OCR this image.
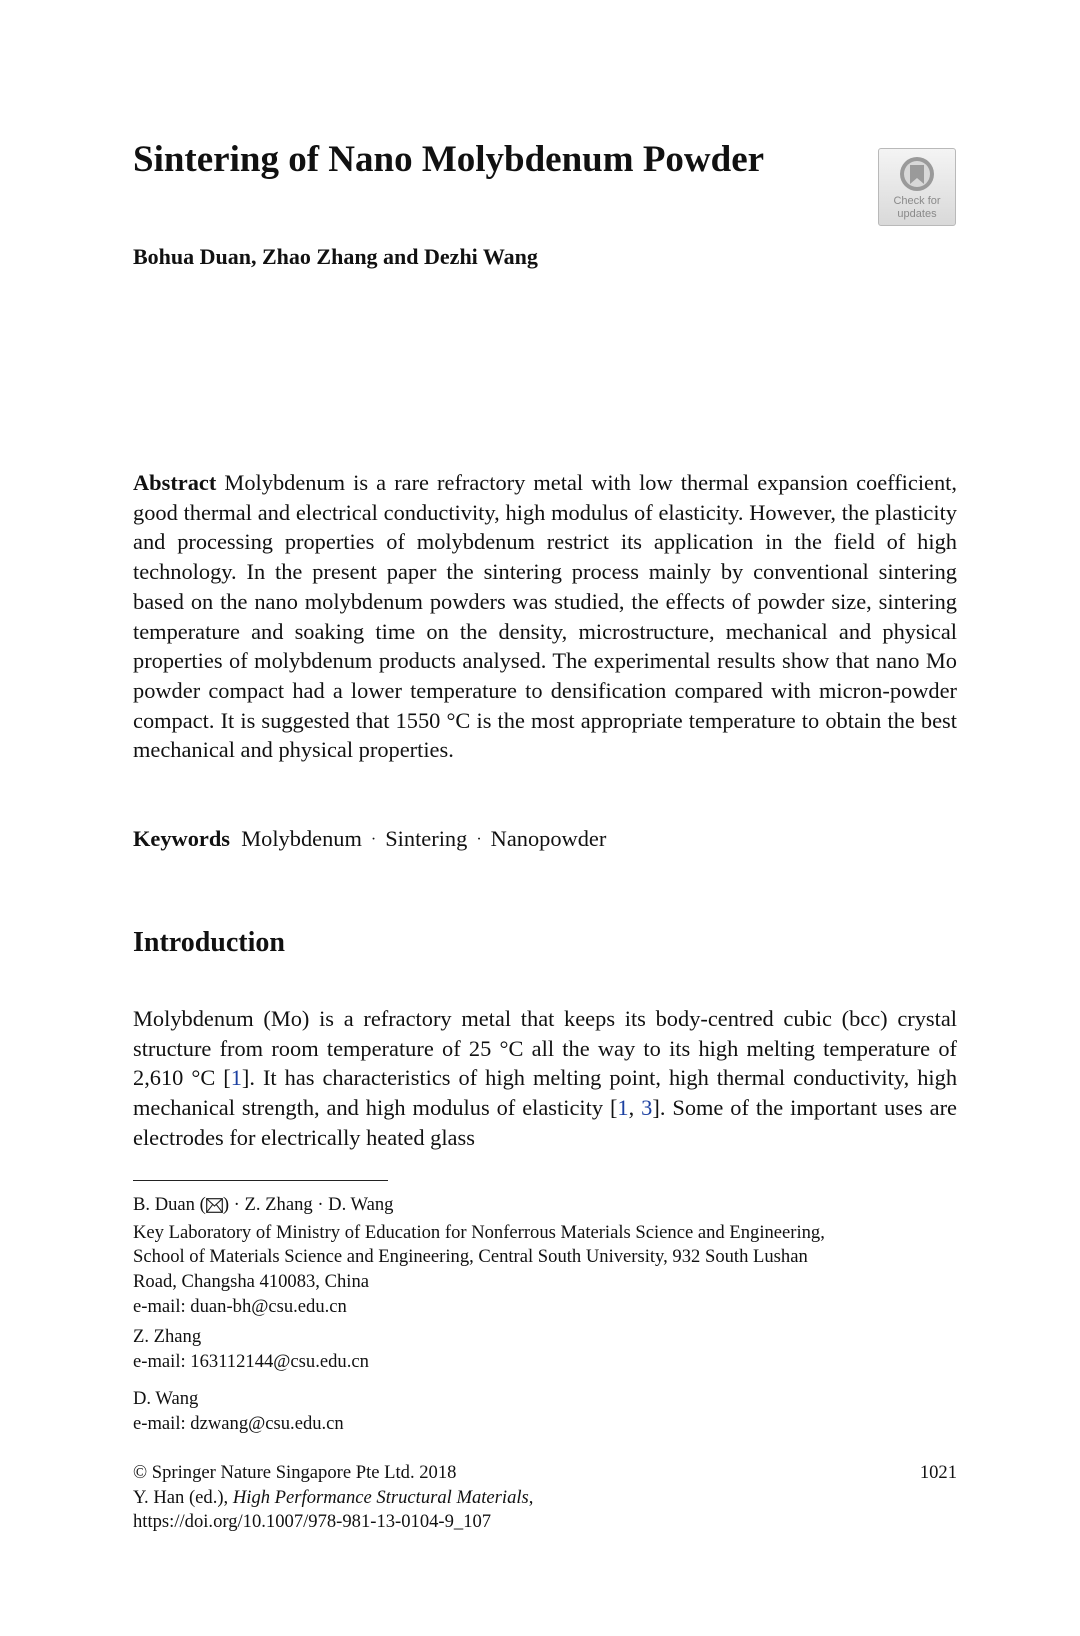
Sintering of Nano Molybdenum Powder
Check for
updates

Bohua Duan, Zhao Zhang and Dezhi Wang

Abstract Molybdenum is a rare refractory metal with low thermal expansion coefficient, good thermal and electrical conductivity, high modulus of elasticity. However, the plasticity and processing properties of molybdenum restrict its application in the field of high technology. In the present paper the sintering process mainly by conventional sintering based on the nano molybdenum powders was studied, the effects of powder size, sintering temperature and soaking time on the density, microstructure, mechanical and physical properties of molybdenum products analysed. The experimental results show that nano Mo powder compact had a lower temperature to densification compared with micron-powder compact. It is suggested that 1550 °C is the most appropriate temperature to obtain the best mechanical and physical properties.

Keywords Molybdenum · Sintering · Nanopowder

Introduction

Molybdenum (Mo) is a refractory metal that keeps its body-centred cubic (bcc) crystal structure from room temperature of 25 °C all the way to its high melting temperature of 2,610 °C [1]. It has characteristics of high melting point, high thermal conductivity, high mechanical strength, and high modulus of elasticity [1, 3]. Some of the important uses are electrodes for electrically heated glass

B. Duan ( ) · Z. Zhang · D. Wang
Key Laboratory of Ministry of Education for Nonferrous Materials Science and Engineering,
School of Materials Science and Engineering, Central South University, 932 South Lushan
Road, Changsha 410083, China
e-mail: duan-bh@csu.edu.cn
Z. Zhang
e-mail: 163112144@csu.edu.cn
D. Wang
e-mail: dzwang@csu.edu.cn
© Springer Nature Singapore Pte Ltd. 2018
Y. Han (ed.), High Performance Structural Materials,
https://doi.org/10.1007/978-981-13-0104-9_107
1021
